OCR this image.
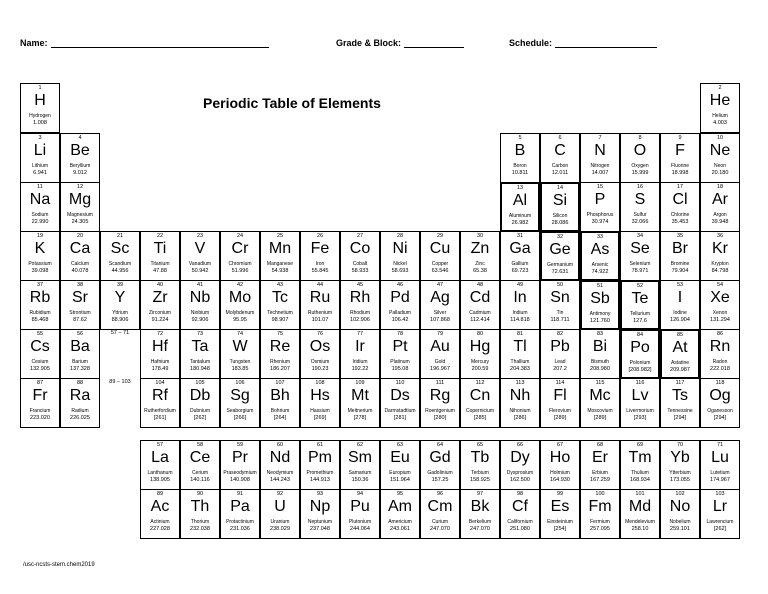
Name:	Grade & Block:	Schedule:
Periodic Table of Elements
57 – 71
89 – 103
1
H
Hydrogen
1.008
2
He
Helium
4.003
3
Li
Lithium
6.941
4
Be
Beryllium
9.012
5
B
Boron
10.811
6
C
Carbon
12.011
7
N
Nitrogen
14.007
8
O
Oxygen
15.999
9
F
Fluorine
18.998
10
Ne
Neon
20.180
11
Na
Sodium
22.990
12
Mg
Magnesium
24.305
13
Al
Aluminum
26.982
14
Si
Silicon
28.086
15
P
Phosphorus
30.974
16
S
Sulfur
32.066
17
Cl
Chlorine
35.453
18
Ar
Argon
39.948
19
K
Potassium
39.098
20
Ca
Calcium
40.078
21
Sc
Scandium
44.956
22
Ti
Titanium
47.88
23
V
Vanadium
50.942
24
Cr
Chromium
51.996
25
Mn
Manganese
54.938
26
Fe
Iron
55.845
27
Co
Cobalt
58.933
28
Ni
Nickel
58.693
29
Cu
Copper
63.546
30
Zn
Zinc
65.38
31
Ga
Gallium
69.723
32
Ge
Germanium
72.631
33
As
Arsenic
74.922
34
Se
Selenium
78.971
35
Br
Bromine
79.904
36
Kr
Krypton
84.798
37
Rb
Rubidium
85.468
38
Sr
Strontium
87.62
39
Y
Yttrium
88.906
40
Zr
Zirconium
91.224
41
Nb
Niobium
92.906
42
Mo
Molybdenum
95.95
43
Tc
Technetium
98.907
44
Ru
Ruthenium
101.07
45
Rh
Rhodium
102.906
46
Pd
Palladium
106.42
47
Ag
Silver
107.868
48
Cd
Cadmium
112.414
49
In
Indium
114.818
50
Sn
Tin
118.711
51
Sb
Antimony
121.760
52
Te
Tellurium
127.6
53
I
Iodine
126.904
54
Xe
Xenon
131.294
55
Cs
Cesium
132.905
56
Ba
Barium
137.328
72
Hf
Hafnium
178.49
73
Ta
Tantalum
180.948
74
W
Tungsten
183.85
75
Re
Rhenium
186.207
76
Os
Osmium
190.23
77
Ir
Iridium
192.22
78
Pt
Platinum
195.08
79
Au
Gold
196.967
80
Hg
Mercury
200.59
81
Tl
Thallium
204.383
82
Pb
Lead
207.2
83
Bi
Bismuth
208.980
84
Po
Polonium
[208.982]
85
At
Astatine
209.987
86
Rn
Radon
222.018
87
Fr
Francium
223.020
88
Ra
Radium
226.025
104
Rf
Rutherfordium
[261]
105
Db
Dubnium
[262]
106
Sg
Seaborgium
[266]
107
Bh
Bohrium
[264]
108
Hs
Hassium
[269]
109
Mt
Meitnerium
[278]
110
Ds
Darmstadtium
[281]
111
Rg
Roentgenium
[280]
112
Cn
Copernicium
[285]
113
Nh
Nihonium
[286]
114
Fl
Flerovium
[289]
115
Mc
Moscovium
[289]
116
Lv
Livermorium
[293]
117
Ts
Tennessine
[294]
118
Og
Oganesson
[294]
57
La
Lanthanum
138.905
58
Ce
Cerium
140.116
59
Pr
Praseodymium
140.908
60
Nd
Neodymium
144.243
61
Pm
Promethium
144.913
62
Sm
Samarium
150.36
63
Eu
Europium
151.964
64
Gd
Gadolinium
157.25
65
Tb
Terbium
158.925
66
Dy
Dysprosium
162.500
67
Ho
Holmium
164.930
68
Er
Erbium
167.259
69
Tm
Thulium
168.934
70
Yb
Ytterbium
173.055
71
Lu
Lutetium
174.967
89
Ac
Actinium
227.028
90
Th
Thorium
232.038
91
Pa
Protactinium
231.036
92
U
Uranium
238.029
93
Np
Neptunium
237.048
94
Pu
Plutonium
244.064
95
Am
Americium
243.061
96
Cm
Curium
247.070
97
Bk
Berkelium
247.070
98
Cf
Californium
251.080
99
Es
Einsteinium
[254]
100
Fm
Fermium
257.095
101
Md
Mendelevium
258.10
102
No
Nobelium
259.101
103
Lr
Lawrencium
[262]
/usc-ncsts-stem.chem2019
